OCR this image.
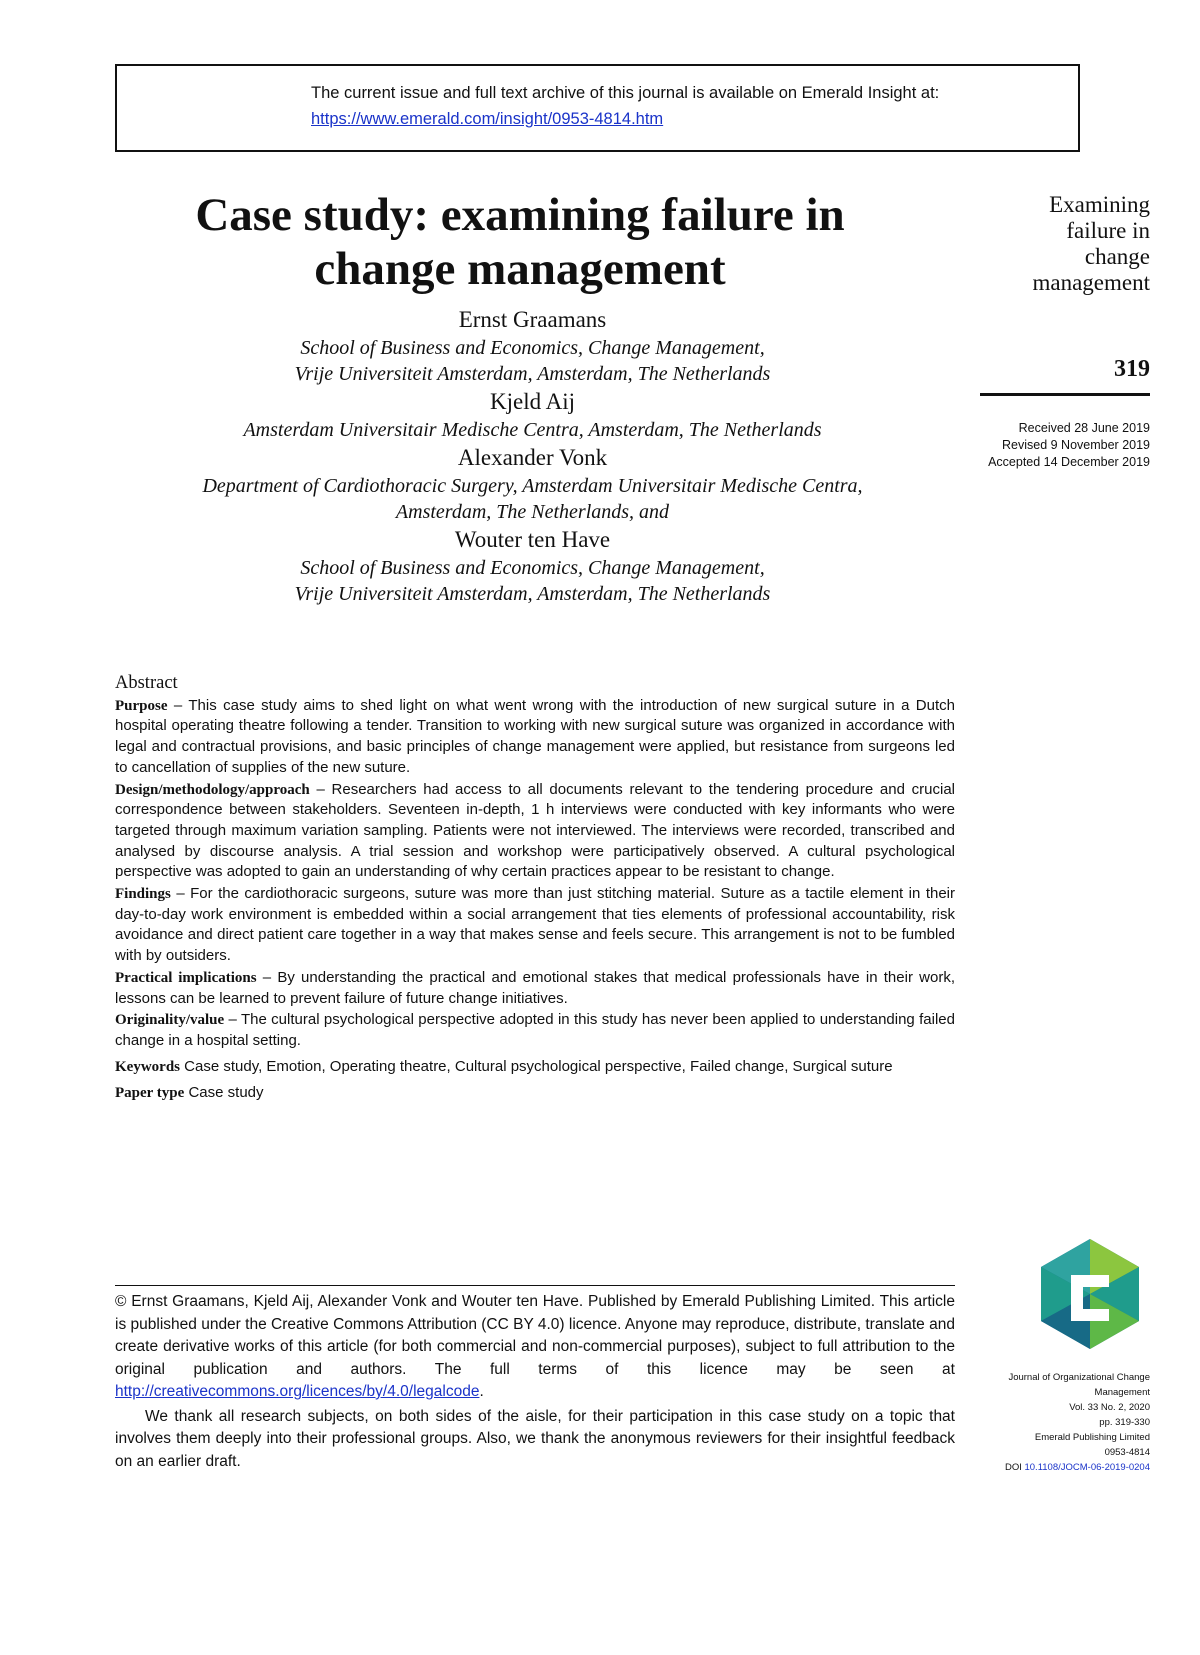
The current issue and full text archive of this journal is available on Emerald Insight at:
https://www.emerald.com/insight/0953-4814.htm
Case study: examining failure in
change management
Ernst Graamans
School of Business and Economics, Change Management,
Vrije Universiteit Amsterdam, Amsterdam, The Netherlands
Kjeld Aij
Amsterdam Universitair Medische Centra, Amsterdam, The Netherlands
Alexander Vonk
Department of Cardiothoracic Surgery, Amsterdam Universitair Medische Centra,
Amsterdam, The Netherlands, and
Wouter ten Have
School of Business and Economics, Change Management,
Vrije Universiteit Amsterdam, Amsterdam, The Netherlands
Examining
failure in
change
management
319
Received 28 June 2019
Revised 9 November 2019
Accepted 14 December 2019
Abstract

Purpose – This case study aims to shed light on what went wrong with the introduction of new surgical suture in a Dutch hospital operating theatre following a tender. Transition to working with new surgical suture was organized in accordance with legal and contractual provisions, and basic principles of change management were applied, but resistance from surgeons led to cancellation of supplies of the new suture.

Design/methodology/approach – Researchers had access to all documents relevant to the tendering procedure and crucial correspondence between stakeholders. Seventeen in-depth, 1 h interviews were conducted with key informants who were targeted through maximum variation sampling. Patients were not interviewed. The interviews were recorded, transcribed and analysed by discourse analysis. A trial session and workshop were participatively observed. A cultural psychological perspective was adopted to gain an understanding of why certain practices appear to be resistant to change.

Findings – For the cardiothoracic surgeons, suture was more than just stitching material. Suture as a tactile element in their day-to-day work environment is embedded within a social arrangement that ties elements of professional accountability, risk avoidance and direct patient care together in a way that makes sense and feels secure. This arrangement is not to be fumbled with by outsiders.

Practical implications – By understanding the practical and emotional stakes that medical professionals have in their work, lessons can be learned to prevent failure of future change initiatives.

Originality/value – The cultural psychological perspective adopted in this study has never been applied to understanding failed change in a hospital setting.

Keywords Case study, Emotion, Operating theatre, Cultural psychological perspective, Failed change, Surgical suture

Paper type Case study

© Ernst Graamans, Kjeld Aij, Alexander Vonk and Wouter ten Have. Published by Emerald Publishing Limited. This article is published under the Creative Commons Attribution (CC BY 4.0) licence. Anyone may reproduce, distribute, translate and create derivative works of this article (for both commercial and non-commercial purposes), subject to full attribution to the original publication and authors. The full terms of this licence may be seen at http://creativecommons.org/licences/by/4.0/legalcode.

We thank all research subjects, on both sides of the aisle, for their participation in this case study on a topic that involves them deeply into their professional groups. Also, we thank the anonymous reviewers for their insightful feedback on an earlier draft.

Journal of Organizational Change
Management
Vol. 33 No. 2, 2020
pp. 319-330
Emerald Publishing Limited
0953-4814
DOI 10.1108/JOCM-06-2019-0204
